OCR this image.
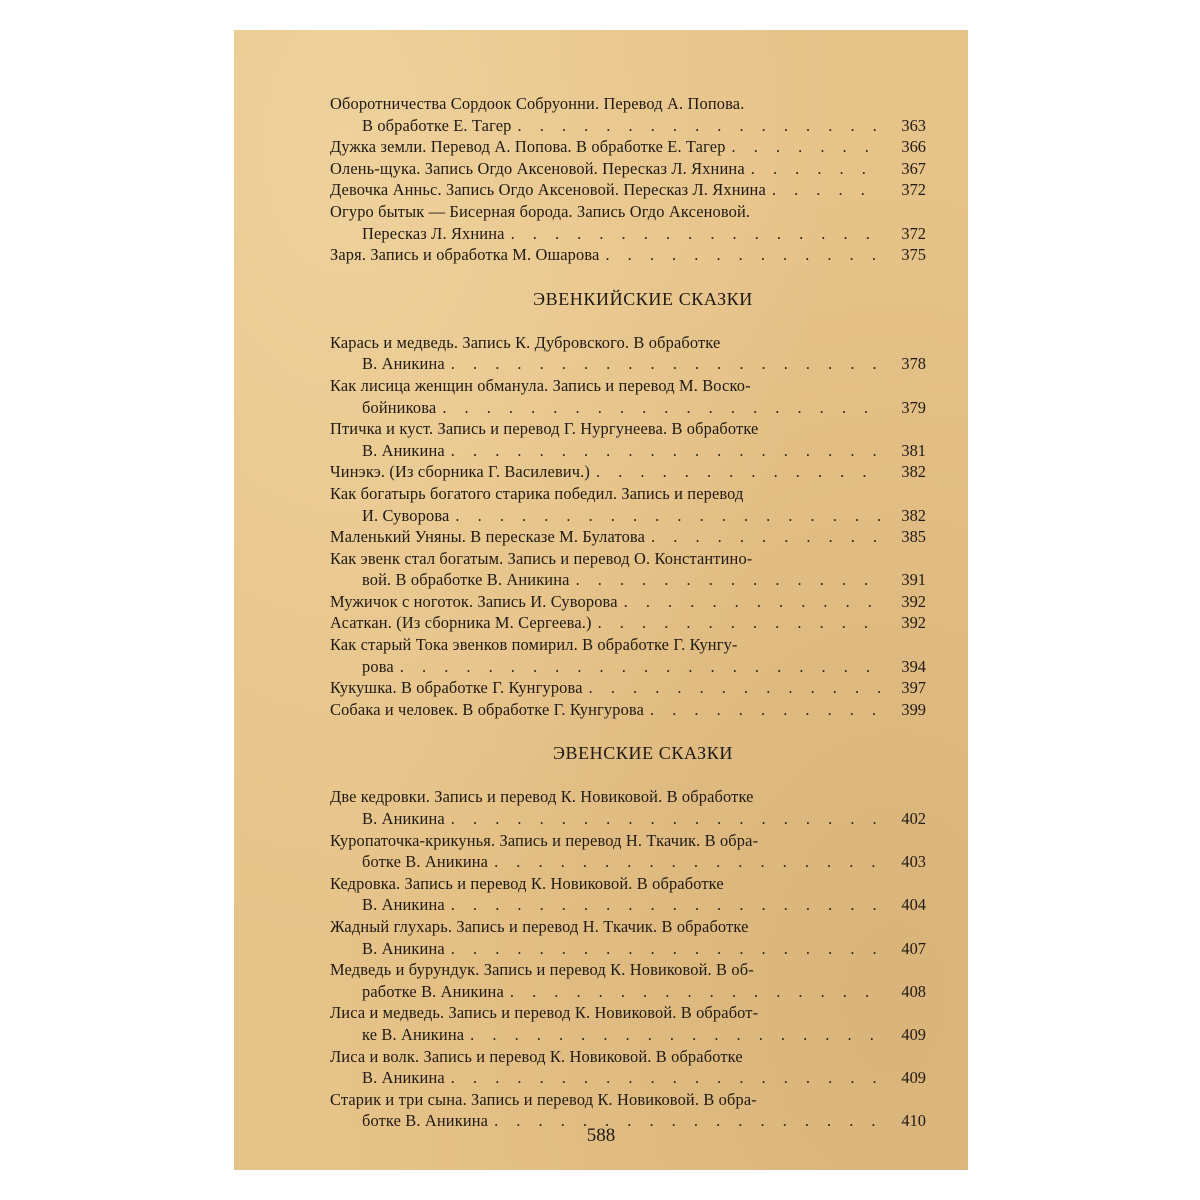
Оборотничества Сордоок Собруонни. Перевод А. Попова.
В обработке Е. Тагер . . .	363
Дужка земли. Перевод А. Попова. В обработке Е. Тагер . . .	366
Олень-щука. Запись Огдо Аксеновой. Пересказ Л. Яхнина . . .	367
Девочка Анньс. Запись Огдо Аксеновой. Пересказ Л. Яхнина . . .	372
Огуро бытык — Бисерная борода. Запись Огдо Аксеновой.
Пересказ Л. Яхнина . . .	372
Заря. Запись и обработка М. Ошарова . . .	375
ЭВЕНКИЙСКИЕ СКАЗКИ
Карась и медведь. Запись К. Дубровского. В обработке
В. Аникина . . .	378
Как лисица женщин обманула. Запись и перевод М. Воско-
бойникова . . .	379
Птичка и куст. Запись и перевод Г. Нургунеева. В обработке
В. Аникина . . .	381
Чинэкэ. (Из сборника Г. Василевич.) . . .	382
Как богатырь богатого старика победил. Запись и перевод
И. Суворова . . .	382
Маленький Уняны. В пересказе М. Булатова . . .	385
Как эвенк стал богатым. Запись и перевод О. Константино-
вой. В обработке В. Аникина . . .	391
Мужичок с ноготок. Запись И. Суворова . . .	392
Асаткан. (Из сборника М. Сергеева.) . . .	392
Как старый Тока эвенков помирил. В обработке Г. Кунгу-
рова . . .	394
Кукушка. В обработке Г. Кунгурова . . .	397
Собака и человек. В обработке Г. Кунгурова . . .	399
ЭВЕНСКИЕ СКАЗКИ
Две кедровки. Запись и перевод К. Новиковой. В обработке
В. Аникина . . .	402
Куропаточка-крикунья. Запись и перевод Н. Ткачик. В обра-
ботке В. Аникина . . .	403
Кедровка. Запись и перевод К. Новиковой. В обработке
В. Аникина . . .	404
Жадный глухарь. Запись и перевод Н. Ткачик. В обработке
В. Аникина . . .	407
Медведь и бурундук. Запись и перевод К. Новиковой. В об-
работке В. Аникина . . .	408
Лиса и медведь. Запись и перевод К. Новиковой. В обработ-
ке В. Аникина . . .	409
Лиса и волк. Запись и перевод К. Новиковой. В обработке
В. Аникина . . .	409
Старик и три сына. Запись и перевод К. Новиковой. В обра-
ботке В. Аникина . . .	410
588
